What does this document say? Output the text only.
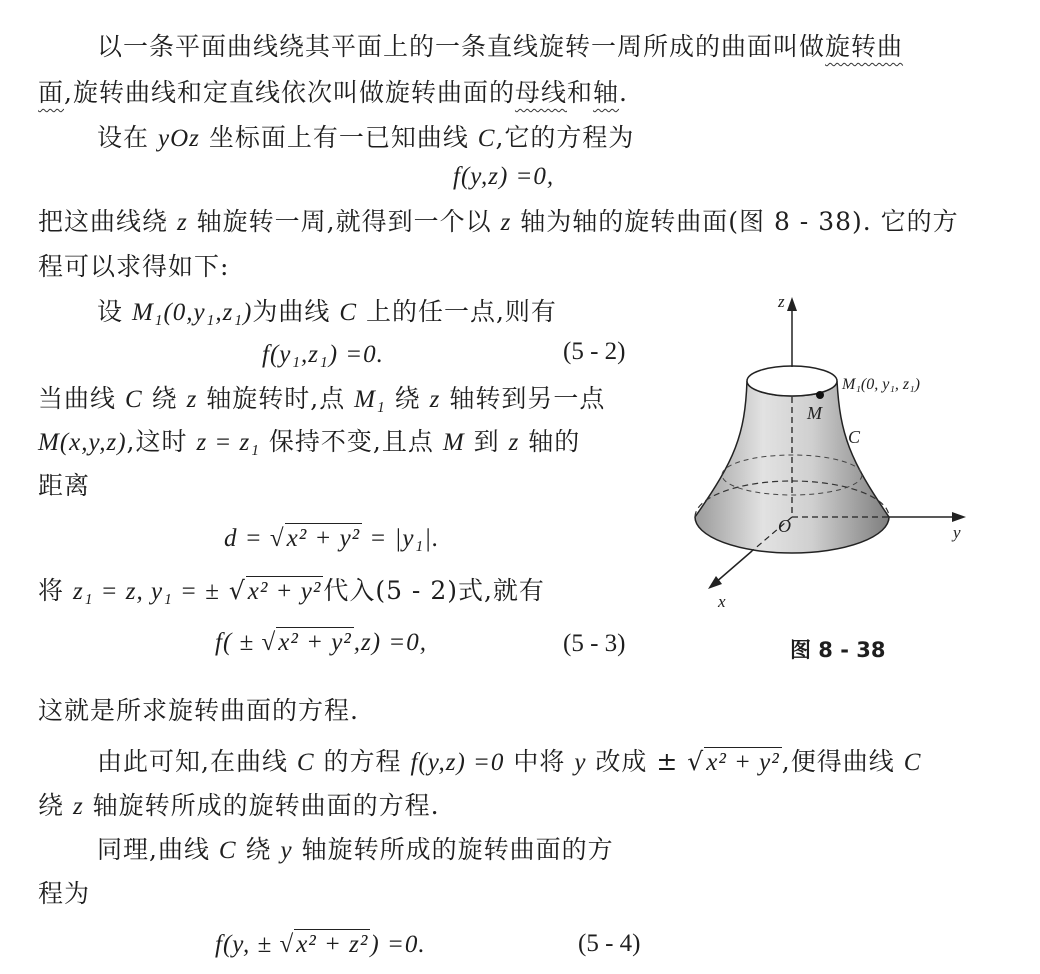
以一条平面曲线绕其平面上的一条直线旋转一周所成的曲面叫做旋转曲
面,旋转曲线和定直线依次叫做旋转曲面的母线和轴.
设在 yOz 坐标面上有一已知曲线 C,它的方程为
f(y,z) =0,
把这曲线绕 z 轴旋转一周,就得到一个以 z 轴为轴的旋转曲面(图 8 - 38). 它的方
程可以求得如下:
设 M₁(0,y₁,z₁)为曲线 C 上的任一点,则有
f(y₁,z₁) =0.	(5 - 2)
当曲线 C 绕 z 轴旋转时,点 M₁ 绕 z 轴转到另一点
M(x,y,z),这时 z = z₁ 保持不变,且点 M 到 z 轴的
距离
d = √x² + y² = |y₁|.
将 z₁ = z, y₁ = ± √x² + y²代入(5 - 2)式,就有
f( ± √x² + y²,z) =0,	(5 - 3)
z
y
x
O
M
C
M₁(0, y₁, z₁)
图 8 - 38
这就是所求旋转曲面的方程.
由此可知,在曲线 C 的方程 f(y,z) =0 中将 y 改成 ± √x² + y²,便得曲线 C
绕 z 轴旋转所成的旋转曲面的方程.
同理,曲线 C 绕 y 轴旋转所成的旋转曲面的方
程为
f(y, ± √x² + z²) =0.	(5 - 4)
